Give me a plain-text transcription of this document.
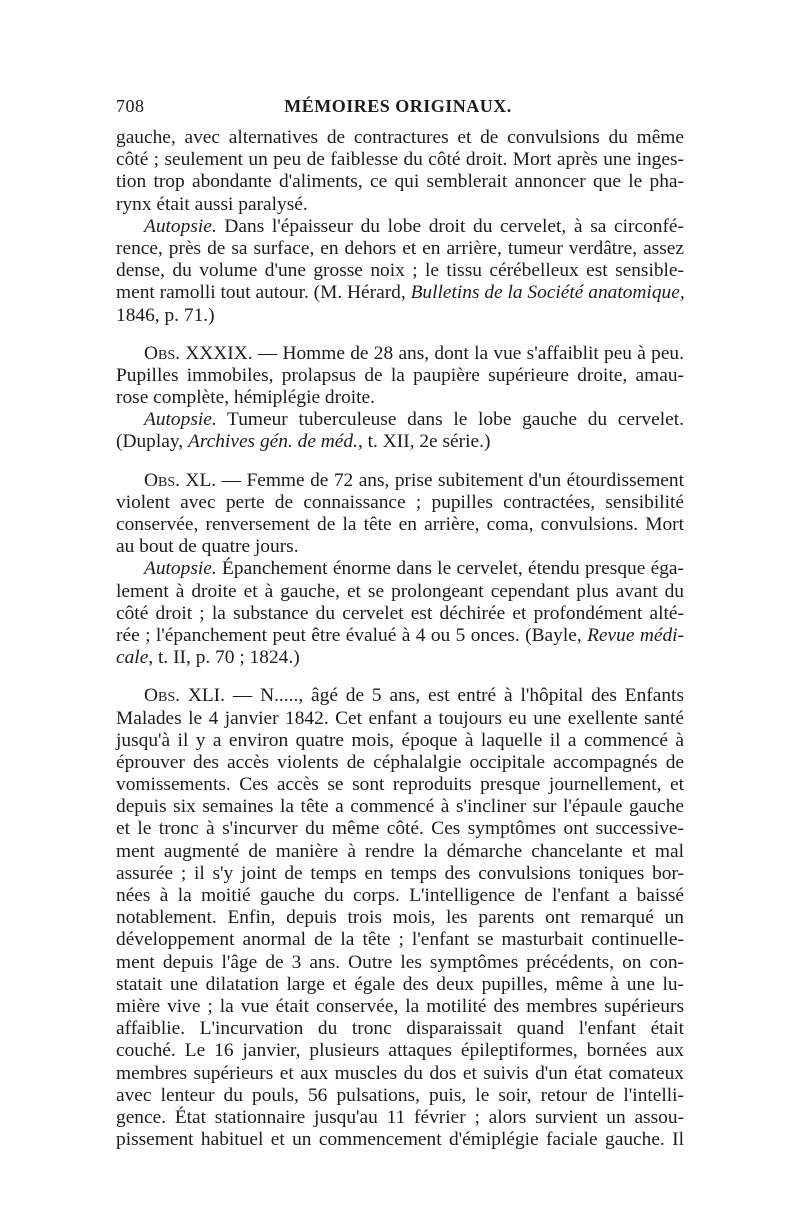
708	MÉMOIRES ORIGINAUX.
gauche, avec alternatives de contractures et de convulsions du même
côté ; seulement un peu de faiblesse du côté droit. Mort après une inges-
tion trop abondante d'aliments, ce qui semblerait annoncer que le pha-
rynx était aussi paralysé.
Autopsie. Dans l'épaisseur du lobe droit du cervelet, à sa circonfé-
rence, près de sa surface, en dehors et en arrière, tumeur verdâtre, assez
dense, du volume d'une grosse noix ; le tissu cérébelleux est sensible-
ment ramolli tout autour. (M. Hérard, Bulletins de la Société anatomique,
1846, p. 71.)
Obs. XXXIX. — Homme de 28 ans, dont la vue s'affaiblit peu à peu.
Pupilles immobiles, prolapsus de la paupière supérieure droite, amau-
rose complète, hémiplégie droite.
Autopsie. Tumeur tuberculeuse dans le lobe gauche du cervelet.
(Duplay, Archives gén. de méd., t. XII, 2e série.)
Obs. XL. — Femme de 72 ans, prise subitement d'un étourdissement
violent avec perte de connaissance ; pupilles contractées, sensibilité
conservée, renversement de la tête en arrière, coma, convulsions. Mort
au bout de quatre jours.
Autopsie. Épanchement énorme dans le cervelet, étendu presque éga-
lement à droite et à gauche, et se prolongeant cependant plus avant du
côté droit ; la substance du cervelet est déchirée et profondément alté-
rée ; l'épanchement peut être évalué à 4 ou 5 onces. (Bayle, Revue médi-
cale, t. II, p. 70 ; 1824.)
Obs. XLI. — N....., âgé de 5 ans, est entré à l'hôpital des Enfants
Malades le 4 janvier 1842. Cet enfant a toujours eu une exellente santé
jusqu'à il y a environ quatre mois, époque à laquelle il a commencé à
éprouver des accès violents de céphalalgie occipitale accompagnés de
vomissements. Ces accès se sont reproduits presque journellement, et
depuis six semaines la tête a commencé à s'incliner sur l'épaule gauche
et le tronc à s'incurver du même côté. Ces symptômes ont successive-
ment augmenté de manière à rendre la démarche chancelante et mal
assurée ; il s'y joint de temps en temps des convulsions toniques bor-
nées à la moitié gauche du corps. L'intelligence de l'enfant a baissé
notablement. Enfin, depuis trois mois, les parents ont remarqué un
développement anormal de la tête ; l'enfant se masturbait continuelle-
ment depuis l'âge de 3 ans. Outre les symptômes précédents, on con-
statait une dilatation large et égale des deux pupilles, même à une lu-
mière vive ; la vue était conservée, la motilité des membres supérieurs
affaiblie. L'incurvation du tronc disparaissait quand l'enfant était
couché. Le 16 janvier, plusieurs attaques épileptiformes, bornées aux
membres supérieurs et aux muscles du dos et suivis d'un état comateux
avec lenteur du pouls, 56 pulsations, puis, le soir, retour de l'intelli-
gence. État stationnaire jusqu'au 11 février ; alors survient un assou-
pissement habituel et un commencement d'émiplégie faciale gauche. Il
